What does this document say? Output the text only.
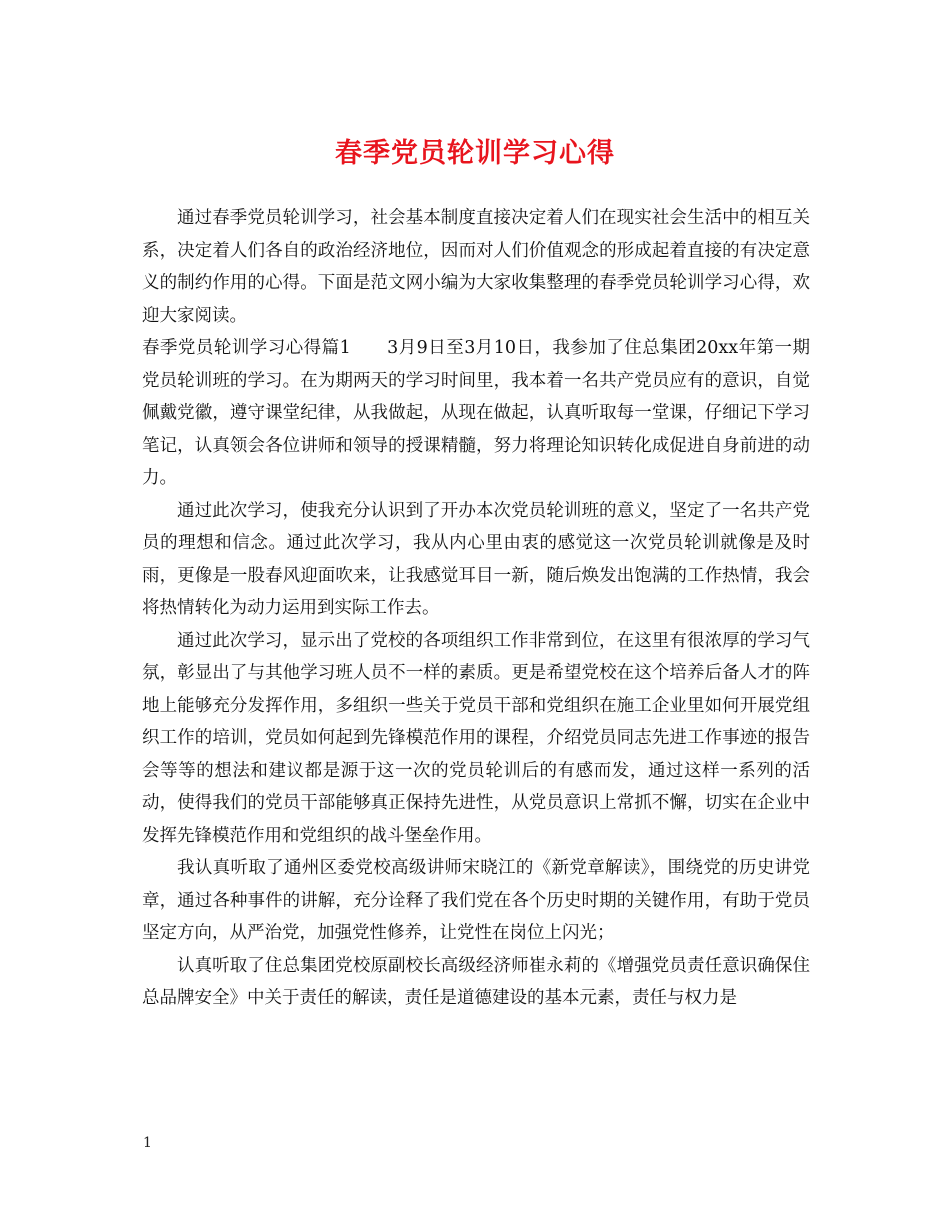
春季党员轮训学习心得

通过春季党员轮训学习，社会基本制度直接决定着人们在现实社会生活中的相互关系，决定着人们各自的政治经济地位，因而对人们价值观念的形成起着直接的有决定意义的制约作用的心得。下面是范文网小编为大家收集整理的春季党员轮训学习心得，欢迎大家阅读。

春季党员轮训学习心得篇1　　3月9日至3月10日，我参加了住总集团20xx年第一期党员轮训班的学习。在为期两天的学习时间里，我本着一名共产党员应有的意识，自觉佩戴党徽，遵守课堂纪律，从我做起，从现在做起，认真听取每一堂课，仔细记下学习笔记，认真领会各位讲师和领导的授课精髓，努力将理论知识转化成促进自身前进的动力。

通过此次学习，使我充分认识到了开办本次党员轮训班的意义，坚定了一名共产党员的理想和信念。通过此次学习，我从内心里由衷的感觉这一次党员轮训就像是及时雨，更像是一股春风迎面吹来，让我感觉耳目一新，随后焕发出饱满的工作热情，我会将热情转化为动力运用到实际工作去。

通过此次学习，显示出了党校的各项组织工作非常到位，在这里有很浓厚的学习气氛，彰显出了与其他学习班人员不一样的素质。更是希望党校在这个培养后备人才的阵地上能够充分发挥作用，多组织一些关于党员干部和党组织在施工企业里如何开展党组织工作的培训，党员如何起到先锋模范作用的课程，介绍党员同志先进工作事迹的报告会等等的想法和建议都是源于这一次的党员轮训后的有感而发，通过这样一系列的活动，使得我们的党员干部能够真正保持先进性，从党员意识上常抓不懈，切实在企业中发挥先锋模范作用和党组织的战斗堡垒作用。

我认真听取了通州区委党校高级讲师宋晓江的《新党章解读》，围绕党的历史讲党章，通过各种事件的讲解，充分诠释了我们党在各个历史时期的关键作用，有助于党员坚定方向，从严治党，加强党性修养，让党性在岗位上闪光；

认真听取了住总集团党校原副校长高级经济师崔永莉的《增强党员责任意识确保住总品牌安全》中关于责任的解读，责任是道德建设的基本元素，责任与权力是

1
